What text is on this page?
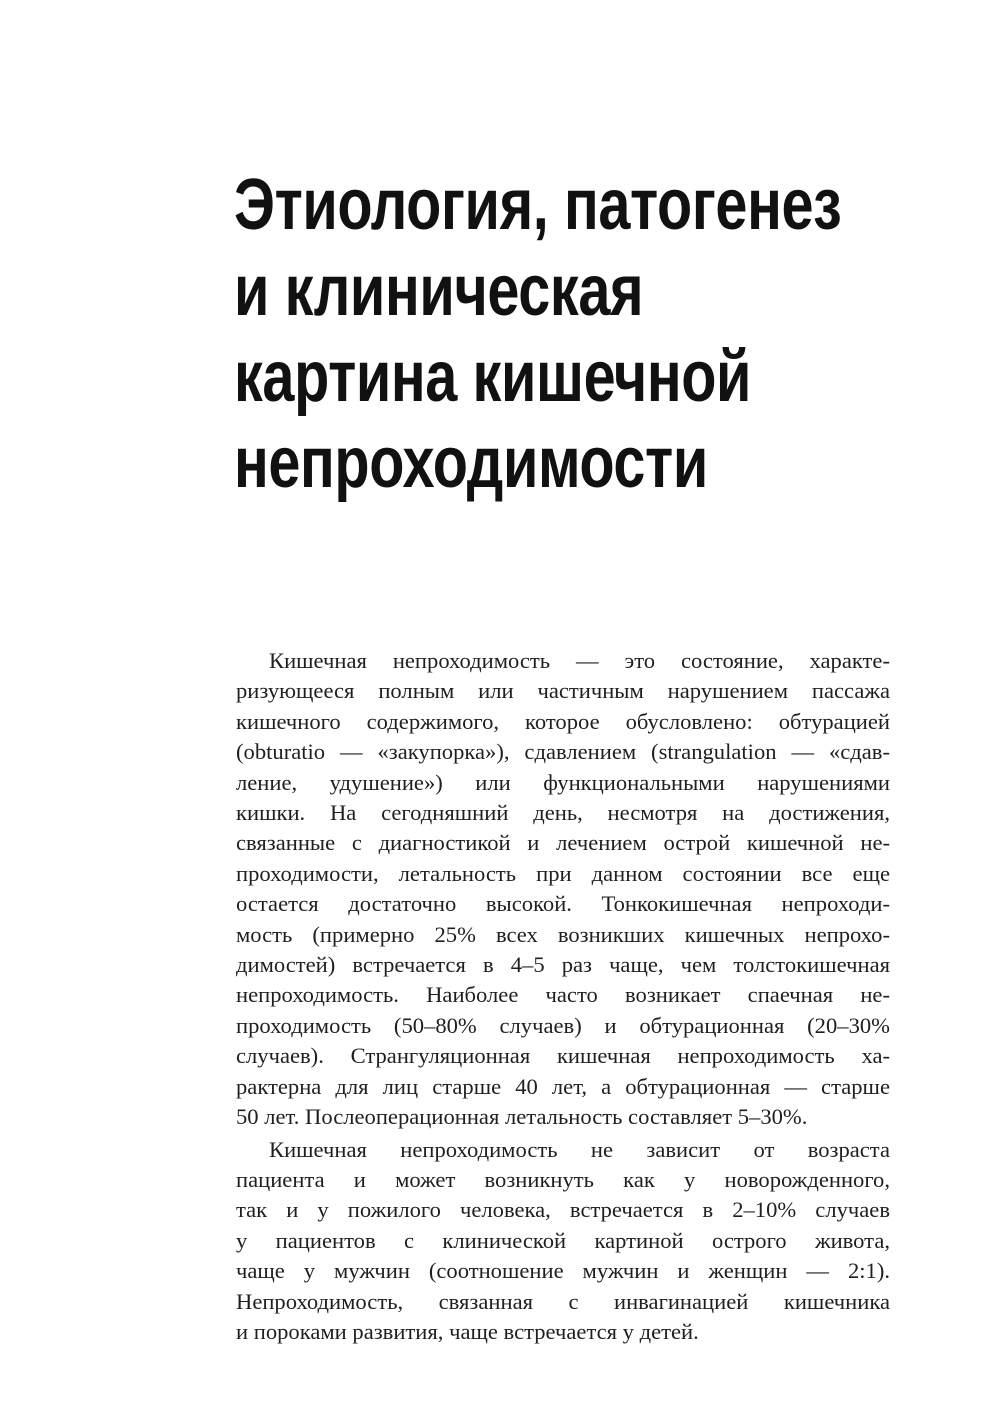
Этиология, патогенез
и клиническая
картина кишечной
непроходимости

Кишечная непроходимость — это состояние, характе-
ризующееся полным или частичным нарушением пассажа
кишечного содержимого, которое обусловлено: обтурацией
(obturatio — «закупорка»), сдавлением (strangulation — «сдав-
ление, удушение») или функциональными нарушениями
кишки. На сегодняшний день, несмотря на достижения,
связанные с диагностикой и лечением острой кишечной не-
проходимости, летальность при данном состоянии все еще
остается достаточно высокой. Тонкокишечная непроходи-
мость (примерно 25% всех возникших кишечных непрохо-
димостей) встречается в 4–5 раз чаще, чем толстокишечная
непроходимость. Наиболее часто возникает спаечная не-
проходимость (50–80% случаев) и обтурационная (20–30%
случаев). Странгуляционная кишечная непроходимость ха-
рактерна для лиц старше 40 лет, а обтурационная — старше
50 лет. Послеоперационная летальность составляет 5–30%.

Кишечная непроходимость не зависит от возраста
пациента и может возникнуть как у новорожденного,
так и у пожилого человека, встречается в 2–10% случаев
у пациентов с клинической картиной острого живота,
чаще у мужчин (соотношение мужчин и женщин — 2:1).
Непроходимость, связанная с инвагинацией кишечника
и пороками развития, чаще встречается у детей.
